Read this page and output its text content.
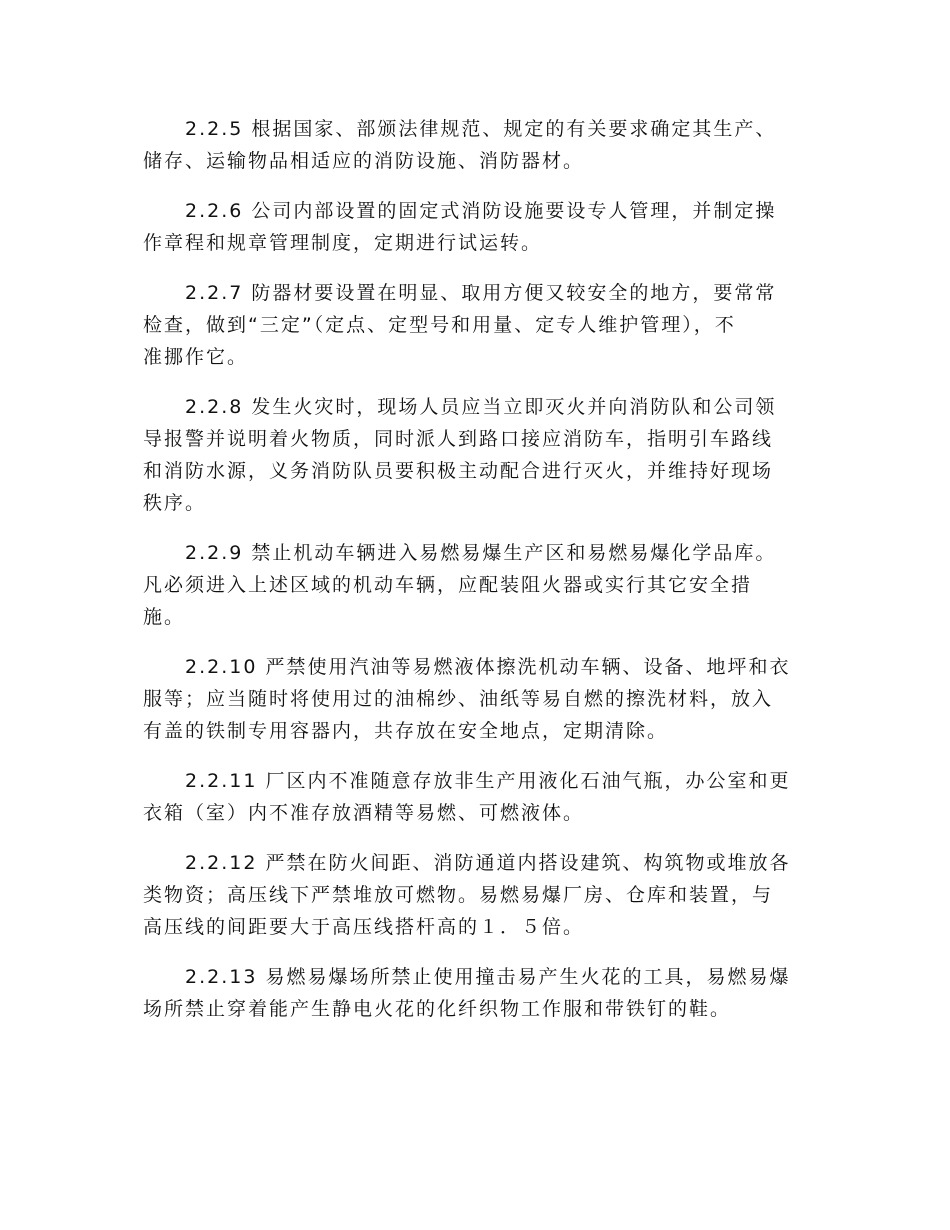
2.2.5 根据国家、部颁法律规范、规定的有关要求确定其生产、
储存、运输物品相适应的消防设施、消防器材。
2.2.6 公司内部设置的固定式消防设施要设专人管理，并制定操
作章程和规章管理制度，定期进行试运转。
2.2.7 防器材要设置在明显、取用方便又较安全的地方，要常常
检查，做到“三定”（定点、定型号和用量、定专人维护管理），不
准挪作它。
2.2.8 发生火灾时，现场人员应当立即灭火并向消防队和公司领
导报警并说明着火物质，同时派人到路口接应消防车，指明引车路线
和消防水源，义务消防队员要积极主动配合进行灭火，并维持好现场
秩序。
2.2.9 禁止机动车辆进入易燃易爆生产区和易燃易爆化学品库。
凡必须进入上述区域的机动车辆，应配装阻火器或实行其它安全措
施。
2.2.10 严禁使用汽油等易燃液体擦洗机动车辆、设备、地坪和衣
服等；应当随时将使用过的油棉纱、油纸等易自燃的擦洗材料，放入
有盖的铁制专用容器内，共存放在安全地点，定期清除。
2.2.11 厂区内不准随意存放非生产用液化石油气瓶，办公室和更
衣箱（室）内不准存放酒精等易燃、可燃液体。
2.2.12 严禁在防火间距、消防通道内搭设建筑、构筑物或堆放各
类物资；高压线下严禁堆放可燃物。易燃易爆厂房、仓库和装置，与
高压线的间距要大于高压线搭杆高的１．５倍。
2.2.13 易燃易爆场所禁止使用撞击易产生火花的工具，易燃易爆
场所禁止穿着能产生静电火花的化纤织物工作服和带铁钉的鞋。
